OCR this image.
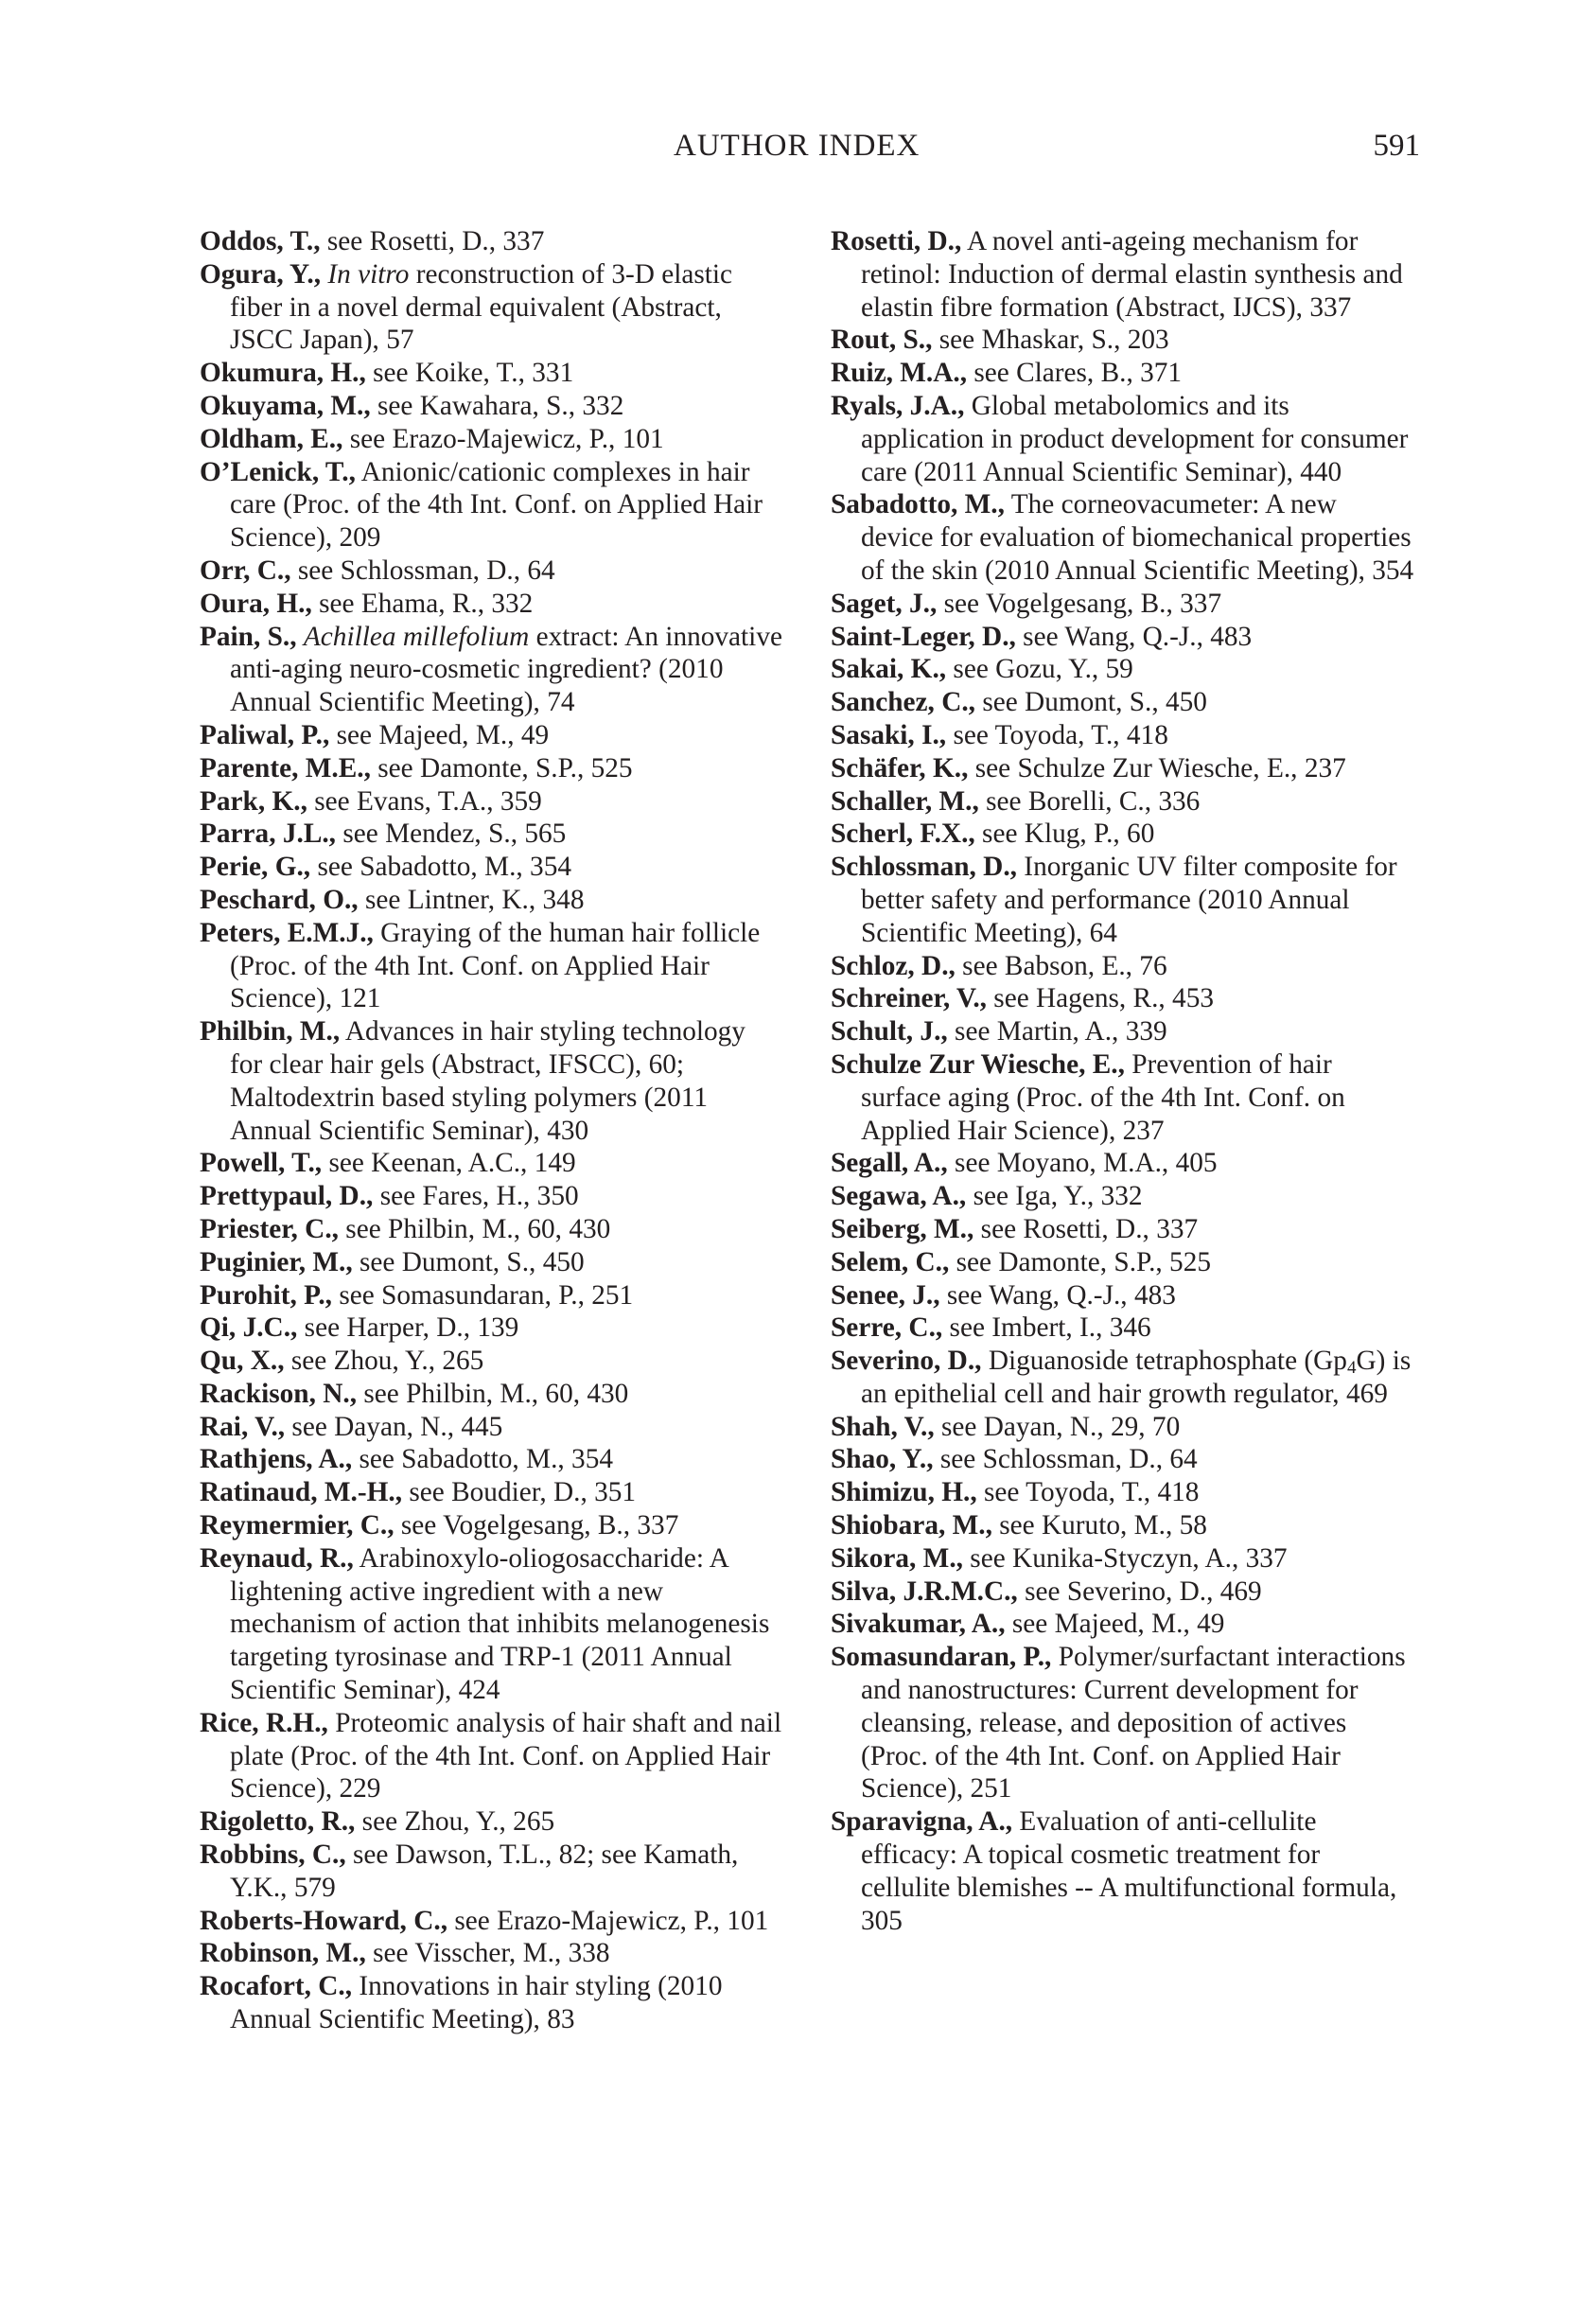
AUTHOR INDEX	591

Oddos, T., see Rosetti, D., 337

Ogura, Y., In vitro reconstruction of 3-D elastic fiber in a novel dermal equivalent (Abstract, JSCC Japan), 57

Okumura, H., see Koike, T., 331

Okuyama, M., see Kawahara, S., 332

Oldham, E., see Erazo-Majewicz, P., 101

O’Lenick, T., Anionic/cationic complexes in hair care (Proc. of the 4th Int. Conf. on Applied Hair Science), 209

Orr, C., see Schlossman, D., 64

Oura, H., see Ehama, R., 332

Pain, S., Achillea millefolium extract: An innovative anti-aging neuro-cosmetic ingredient? (2010 Annual Scientific Meeting), 74

Paliwal, P., see Majeed, M., 49

Parente, M.E., see Damonte, S.P., 525

Park, K., see Evans, T.A., 359

Parra, J.L., see Mendez, S., 565

Perie, G., see Sabadotto, M., 354

Peschard, O., see Lintner, K., 348

Peters, E.M.J., Graying of the human hair follicle (Proc. of the 4th Int. Conf. on Applied Hair Science), 121

Philbin, M., Advances in hair styling technology for clear hair gels (Abstract, IFSCC), 60; Maltodextrin based styling polymers (2011 Annual Scientific Seminar), 430

Powell, T., see Keenan, A.C., 149

Prettypaul, D., see Fares, H., 350

Priester, C., see Philbin, M., 60, 430

Puginier, M., see Dumont, S., 450

Purohit, P., see Somasundaran, P., 251

Qi, J.C., see Harper, D., 139

Qu, X., see Zhou, Y., 265

Rackison, N., see Philbin, M., 60, 430

Rai, V., see Dayan, N., 445

Rathjens, A., see Sabadotto, M., 354

Ratinaud, M.-H., see Boudier, D., 351

Reymermier, C., see Vogelgesang, B., 337

Reynaud, R., Arabinoxylo-oliogosaccharide: A lightening active ingredient with a new mechanism of action that inhibits melanogenesis targeting tyrosinase and TRP-1 (2011 Annual Scientific Seminar), 424

Rice, R.H., Proteomic analysis of hair shaft and nail plate (Proc. of the 4th Int. Conf. on Applied Hair Science), 229

Rigoletto, R., see Zhou, Y., 265

Robbins, C., see Dawson, T.L., 82; see Kamath, Y.K., 579

Roberts-Howard, C., see Erazo-Majewicz, P., 101

Robinson, M., see Visscher, M., 338

Rocafort, C., Innovations in hair styling (2010 Annual Scientific Meeting), 83

Rosetti, D., A novel anti-ageing mechanism for retinol: Induction of dermal elastin synthesis and elastin fibre formation (Abstract, IJCS), 337

Rout, S., see Mhaskar, S., 203

Ruiz, M.A., see Clares, B., 371

Ryals, J.A., Global metabolomics and its application in product development for consumer care (2011 Annual Scientific Seminar), 440

Sabadotto, M., The corneovacumeter: A new device for evaluation of biomechanical properties of the skin (2010 Annual Scientific Meeting), 354

Saget, J., see Vogelgesang, B., 337

Saint-Leger, D., see Wang, Q.-J., 483

Sakai, K., see Gozu, Y., 59

Sanchez, C., see Dumont, S., 450

Sasaki, I., see Toyoda, T., 418

Schäfer, K., see Schulze Zur Wiesche, E., 237

Schaller, M., see Borelli, C., 336

Scherl, F.X., see Klug, P., 60

Schlossman, D., Inorganic UV filter composite for better safety and performance (2010 Annual Scientific Meeting), 64

Schloz, D., see Babson, E., 76

Schreiner, V., see Hagens, R., 453

Schult, J., see Martin, A., 339

Schulze Zur Wiesche, E., Prevention of hair surface aging (Proc. of the 4th Int. Conf. on Applied Hair Science), 237

Segall, A., see Moyano, M.A., 405

Segawa, A., see Iga, Y., 332

Seiberg, M., see Rosetti, D., 337

Selem, C., see Damonte, S.P., 525

Senee, J., see Wang, Q.-J., 483

Serre, C., see Imbert, I., 346

Severino, D., Diguanoside tetraphosphate $(Gp_4G)$ is an epithelial cell and hair growth regulator, 469

Shah, V., see Dayan, N., 29, 70

Shao, Y., see Schlossman, D., 64

Shimizu, H., see Toyoda, T., 418

Shiobara, M., see Kuruto, M., 58

Sikora, M., see Kunika-Styczyn, A., 337

Silva, J.R.M.C., see Severino, D., 469

Sivakumar, A., see Majeed, M., 49

Somasundaran, P., Polymer/surfactant interactions and nanostructures: Current development for cleansing, release, and deposition of actives (Proc. of the 4th Int. Conf. on Applied Hair Science), 251

Sparavigna, A., Evaluation of anti-cellulite efficacy: A topical cosmetic treatment for cellulite blemishes -- A multifunctional formula, 305
